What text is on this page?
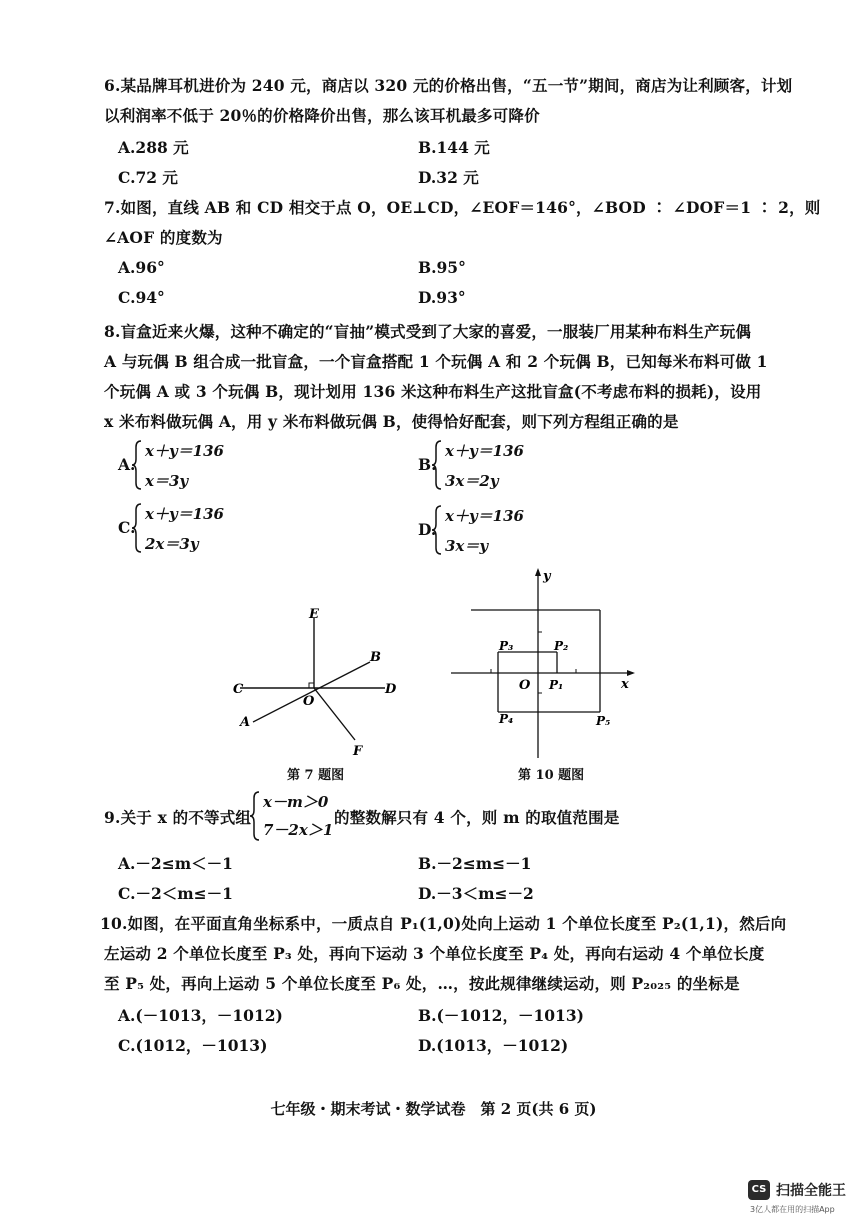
6.某品牌耳机进价为 240 元，商店以 320 元的价格出售，“五一节”期间，商店为让利顾客，计划
以利润率不低于 20％的价格降价出售，那么该耳机最多可降价
A.288 元	B.144 元
C.72 元	D.32 元
7.如图，直线 AB 和 CD 相交于点 O，OE⊥CD，∠EOF＝146°，∠BOD ∶ ∠DOF＝1 ∶ 2，则
∠AOF 的度数为
A.96°	B.95°
C.94°	D.93°
8.盲盒近来火爆，这种不确定的“盲抽”模式受到了大家的喜爱，一服装厂用某种布料生产玩偶
A 与玩偶 B 组合成一批盲盒，一个盲盒搭配 1 个玩偶 A 和 2 个玩偶 B，已知每米布料可做 1
个玩偶 A 或 3 个玩偶 B，现计划用 136 米这种布料生产这批盲盒(不考虑布料的损耗)，设用
x 米布料做玩偶 A，用 y 米布料做玩偶 B，使得恰好配套，则下列方程组正确的是
A.
x＋y＝136
x＝3y
B.
x＋y＝136
3x＝2y
C.
x＋y＝136
2x＝3y
D.
x＋y＝136
3x＝y
E
B
C	D
O
A
F
第 7 题图
y
x
O P₁
P₂
P₃
P₄	P₅
第 10 题图
9.关于 x 的不等式组
x－m＞0
7－2x＞1
的整数解只有 4 个，则 m 的取值范围是
A.－2≤m＜－1	B.－2≤m≤－1
C.－2＜m≤－1	D.－3＜m≤－2
10.如图，在平面直角坐标系中，一质点自 P₁(1,0)处向上运动 1 个单位长度至 P₂(1,1)，然后向
左运动 2 个单位长度至 P₃ 处，再向下运动 3 个单位长度至 P₄ 处，再向右运动 4 个单位长度
至 P₅ 处，再向上运动 5 个单位长度至 P₆ 处，…，按此规律继续运动，则 P₂₀₂₅ 的坐标是
A.(－1013，－1012)	B.(－1012，－1013)
C.(1012，－1013)	D.(1013，－1012)
七年级・期末考试・数学试卷　第 2 页(共 6 页)
CS 扫描全能王
3亿人都在用的扫描App
